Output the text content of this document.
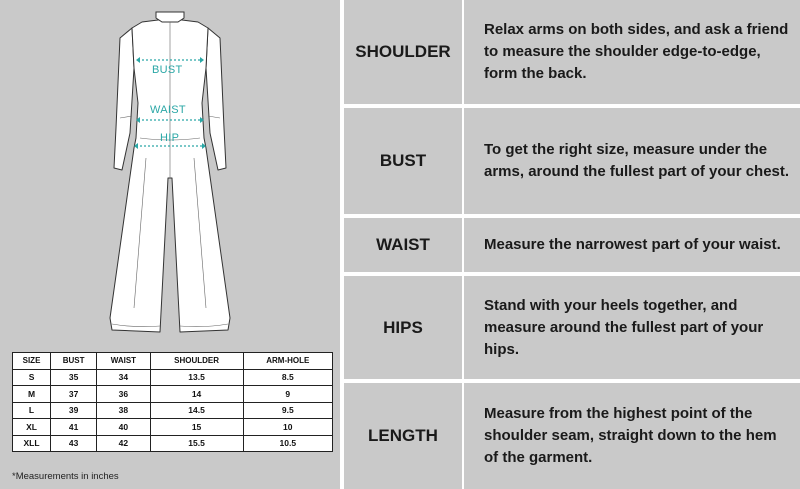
BUST
WAIST
HIP
SIZE	BUST	WAIST	SHOULDER	ARM-HOLE
S	35	34	13.5	8.5
M	37	36	14	9
L	39	38	14.5	9.5
XL	41	40	15	10
XLL	43	42	15.5	10.5
*Measurements in inches
SHOULDER
Relax arms on both sides, and ask a friend to measure the shoulder edge-to-edge, form the back.
BUST
To get the right size, measure under the arms, around the fullest part of your chest.
WAIST	Measure the narrowest part of your waist.
HIPS
Stand with your heels together, and measure around the fullest part of your hips.
LENGTH
Measure from the highest point of the shoulder seam, straight down to the hem of the garment.
